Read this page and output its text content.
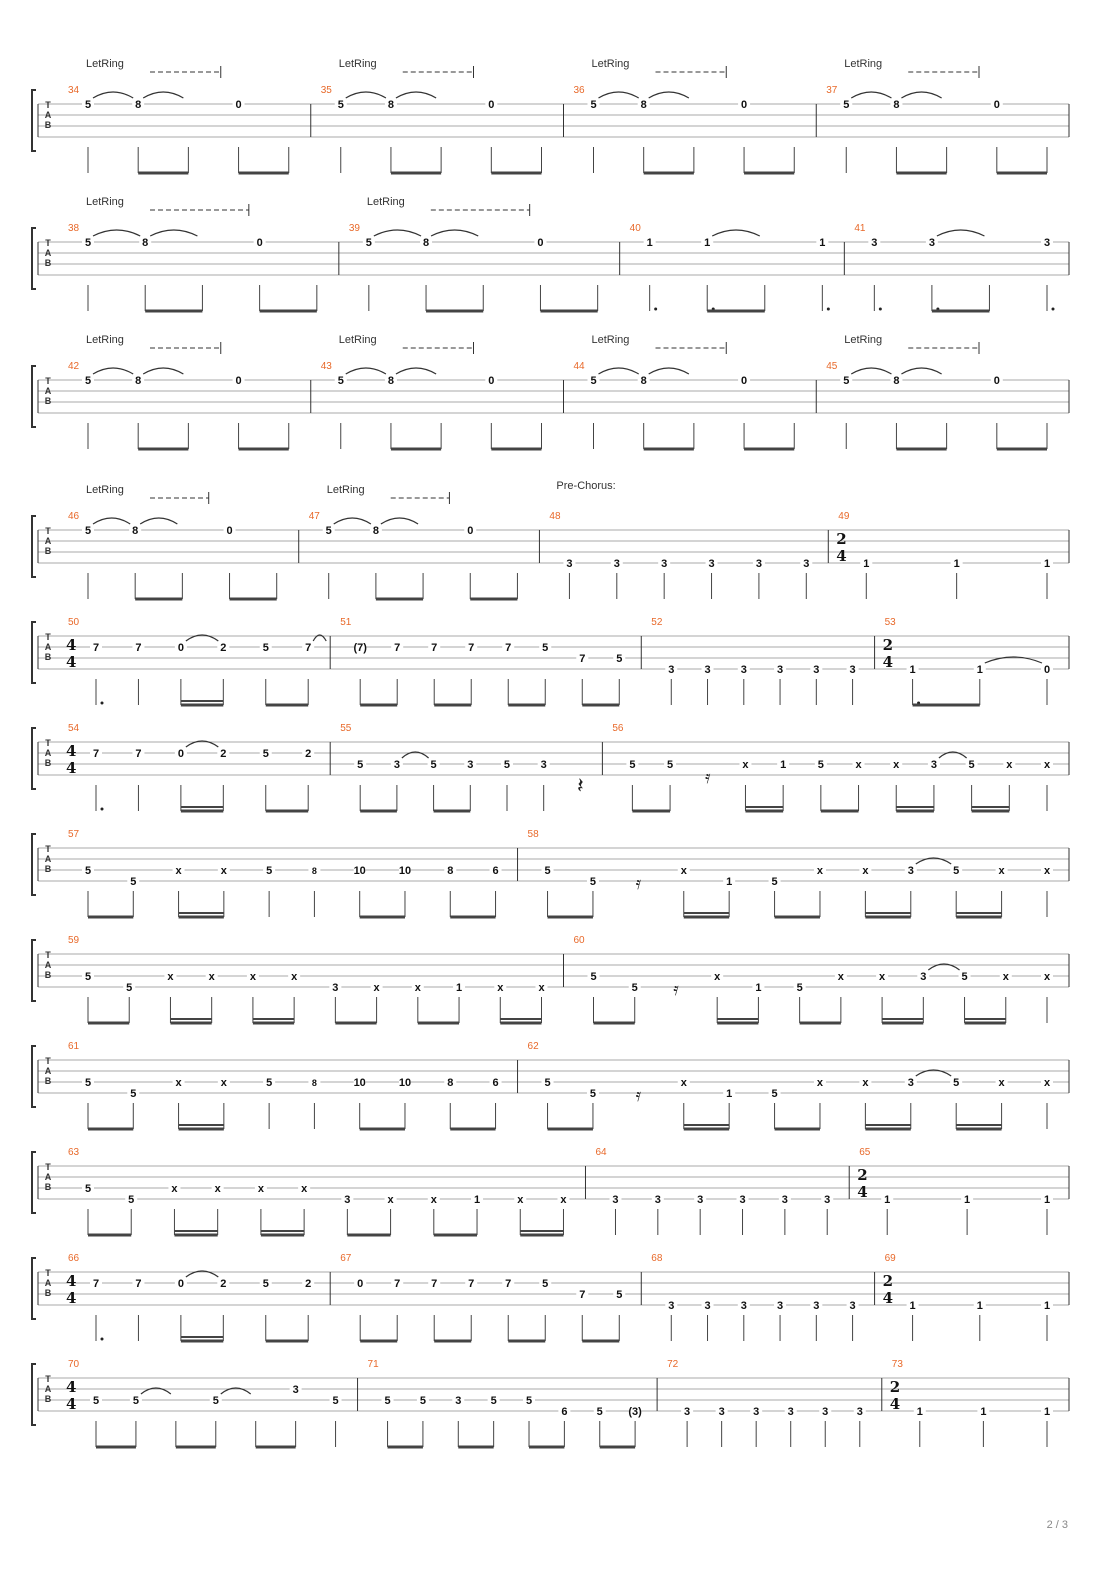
T
A
B
34
LetRing
5	8	0
35
LetRing
5	8	0
36
LetRing
5	8	0
37
LetRing
5	8	0
T
A
B
38
LetRing
5	8	0
39
LetRing
5	8	0
40
1	1	1
41
3	3	3
T
A
B
42
LetRing
5	8	0
43
LetRing
5	8	0
44
LetRing
5	8	0
45
LetRing
5	8	0
T
A
B
46
LetRing
5	8	0
47
LetRing
5	8	0
48
Pre-Chorus:
3	3	3	3	3	3
49
2
4 1	1	1
T
A
B
50
4
4
7	7	0	2	5	7
51
(7) 7	7	7	7	5
7	5
52
3	3	3	3	3	3
53
2
4 1	1	0
T
A
B
54
4
4
7	7	0	2	5	2
55
5	3	5	3	5	3
𝄽
56
5	5
𝄿
x	1	5	x	x	3	5	x	x
T
A
B
57
5
5
x	x	5	8	10	10	8	6
58
5
5 𝄿
x
1	5
x	x	3	5	x	x
T
A
B
59
5
5
x	x	x	x
3	x	x	1	x	x
60
5
5 𝄿
x
1	5
x	x	3	5	x	x
T
A
B
61
5
5
x	x	5	8	10	10	8	6
62
5
5 𝄿
x
1	5
x	x	3	5	x	x
T
A
B
63
5
5
x	x	x	x
3	x	x	1	x	x
64
3	3	3	3	3	3
65
2
4 1	1	1
T
A
B
66
4
4
7	7	0	2	5	2
67
0	7	7	7	7	5
7	5
68
3	3	3	3	3	3
69
2
4 1	1	1
T
A
B
70
4
4 5	5	5
3
5
71
5	5	3	5	5
6	5 (3)
72
3	3	3	3	3	3
73
2
4 1	1	1
2 / 3
